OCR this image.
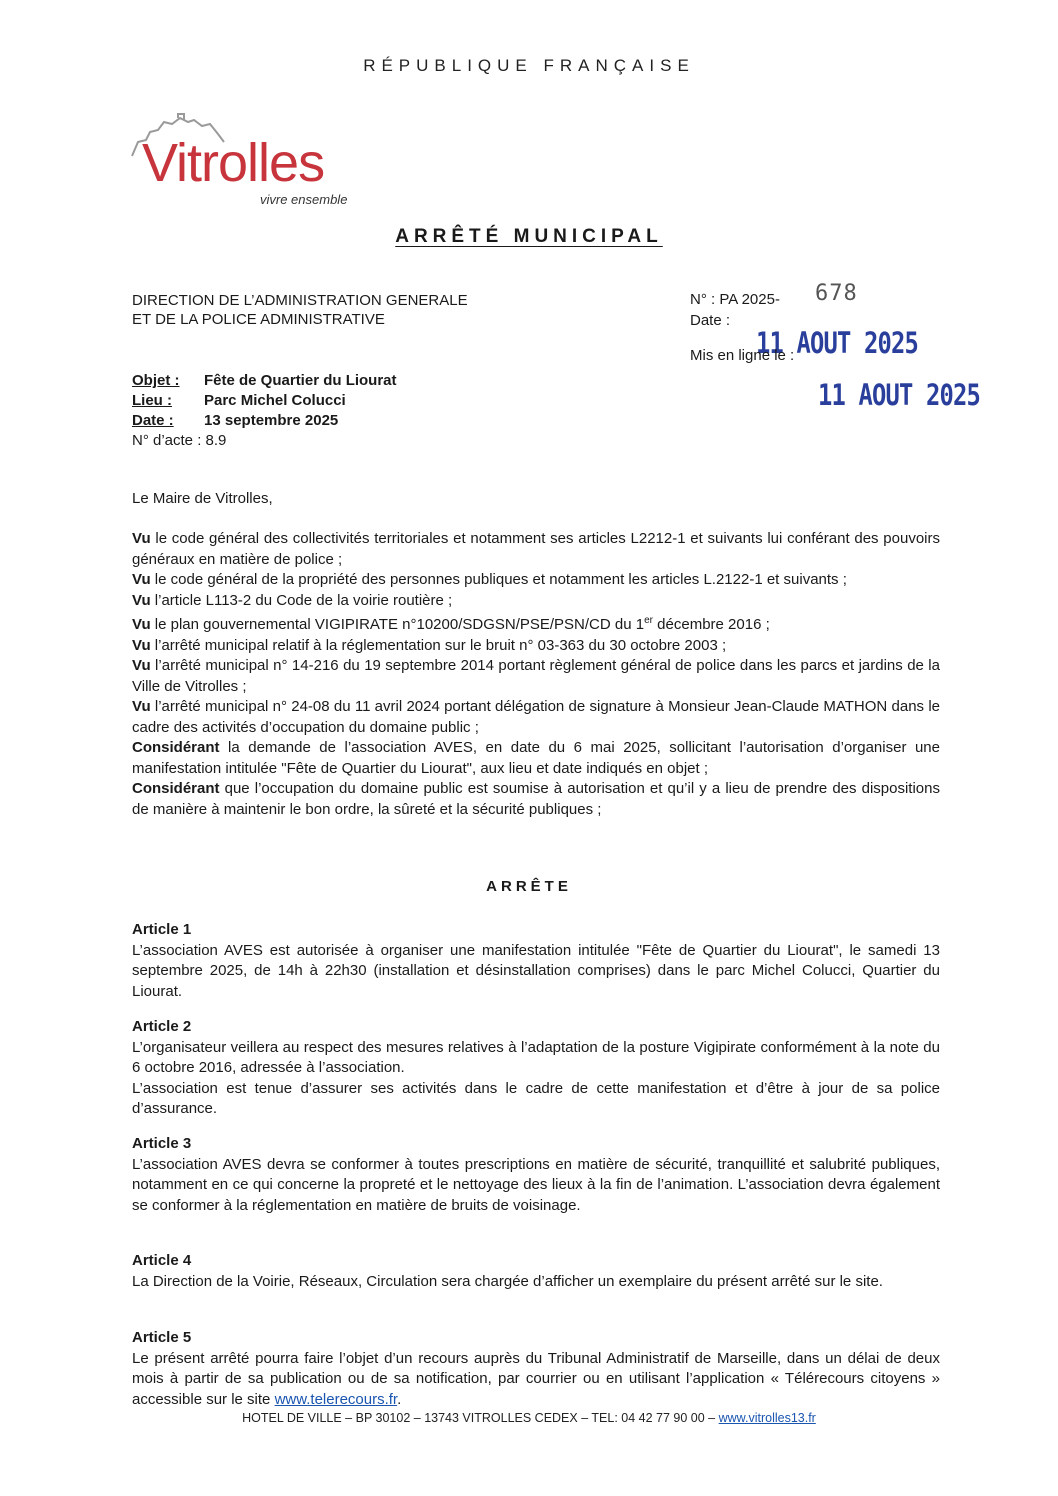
RÉPUBLIQUE FRANÇAISE
Vitrolles
vivre ensemble
ARRÊTÉ MUNICIPAL
DIRECTION DE L’ADMINISTRATION GENERALE
ET DE LA POLICE ADMINISTRATIVE
N° : PA 2025-
Date :
678
11 AOUT 2025
Mis en ligne le :
11 AOUT 2025
Objet : Fête de Quartier du Liourat
Lieu : Parc Michel Colucci
Date : 13 septembre 2025
N° d’acte : 8.9
Le Maire de Vitrolles,
Vu le code général des collectivités territoriales et notamment ses articles L2212-1 et suivants lui conférant des pouvoirs généraux en matière de police ;
Vu le code général de la propriété des personnes publiques et notamment les articles L.2122-1 et suivants ;
Vu l’article L113-2 du Code de la voirie routière ;
Vu le plan gouvernemental VIGIPIRATE n°10200/SDGSN/PSE/PSN/CD du 1er décembre 2016 ;
Vu l’arrêté municipal relatif à la réglementation sur le bruit n° 03-363 du 30 octobre 2003 ;
Vu l’arrêté municipal n° 14-216 du 19 septembre 2014 portant règlement général de police dans les parcs et jardins de la Ville de Vitrolles ;
Vu l’arrêté municipal n° 24-08 du 11 avril 2024 portant délégation de signature à Monsieur Jean-Claude MATHON dans le cadre des activités d’occupation du domaine public ;
Considérant la demande de l’association AVES, en date du 6 mai 2025, sollicitant l’autorisation d’organiser une manifestation intitulée "Fête de Quartier du Liourat", aux lieu et date indiqués en objet ;
Considérant que l’occupation du domaine public est soumise à autorisation et qu’il y a lieu de prendre des dispositions de manière à maintenir le bon ordre, la sûreté et la sécurité publiques ;
ARRÊTE
Article 1
L’association AVES est autorisée à organiser une manifestation intitulée "Fête de Quartier du Liourat", le samedi 13 septembre 2025, de 14h à 22h30 (installation et désinstallation comprises) dans le parc Michel Colucci, Quartier du Liourat.
Article 2
L’organisateur veillera au respect des mesures relatives à l’adaptation de la posture Vigipirate conformément à la note du 6 octobre 2016, adressée à l’association.
L’association est tenue d’assurer ses activités dans le cadre de cette manifestation et d’être à jour de sa police d’assurance.
Article 3
L’association AVES devra se conformer à toutes prescriptions en matière de sécurité, tranquillité et salubrité publiques, notamment en ce qui concerne la propreté et le nettoyage des lieux à la fin de l’animation. L’association devra également se conformer à la réglementation en matière de bruits de voisinage.
Article 4
La Direction de la Voirie, Réseaux, Circulation sera chargée d’afficher un exemplaire du présent arrêté sur le site.
Article 5
Le présent arrêté pourra faire l’objet d’un recours auprès du Tribunal Administratif de Marseille, dans un délai de deux mois à partir de sa publication ou de sa notification, par courrier ou en utilisant l’application « Télérecours citoyens » accessible sur le site www.telerecours.fr.
HOTEL DE VILLE – BP 30102 – 13743 VITROLLES CEDEX – TEL: 04 42 77 90 00 – www.vitrolles13.fr
